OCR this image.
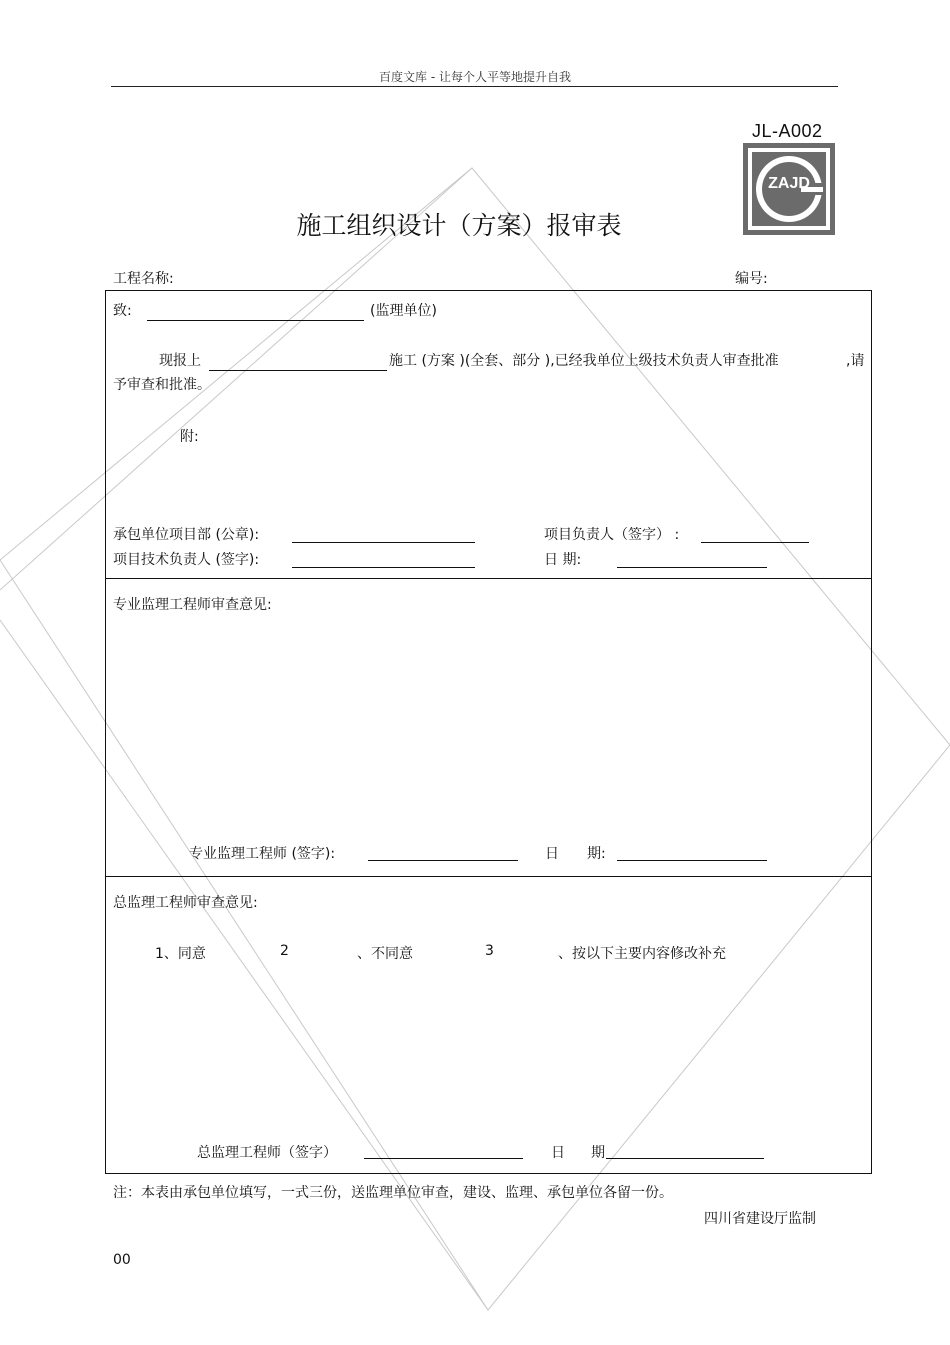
百度文库 - 让每个人平等地提升自我
JL-A002
ZAJD
施工组织设计（方案）报审表
工程名称:	编号:
致:	(监理单位)
现报上	施工 (方案 )(全套、部分 ),已经我单位上级技术负责人审查批准	,请
予审查和批准。
附:
承包单位项目部 (公章):	项目负责人（签字） :
项目技术负责人 (签字):	日 期:
专业监理工程师审查意见:
专业监理工程师 (签字):	日 期:
总监理工程师审查意见:
1、同意	2	、不同意	3	、按以下主要内容修改补充
总监理工程师（签字）	日 期
注：本表由承包单位填写，一式三份，送监理单位审查，建设、监理、承包单位各留一份。
四川省建设厅监制
00
